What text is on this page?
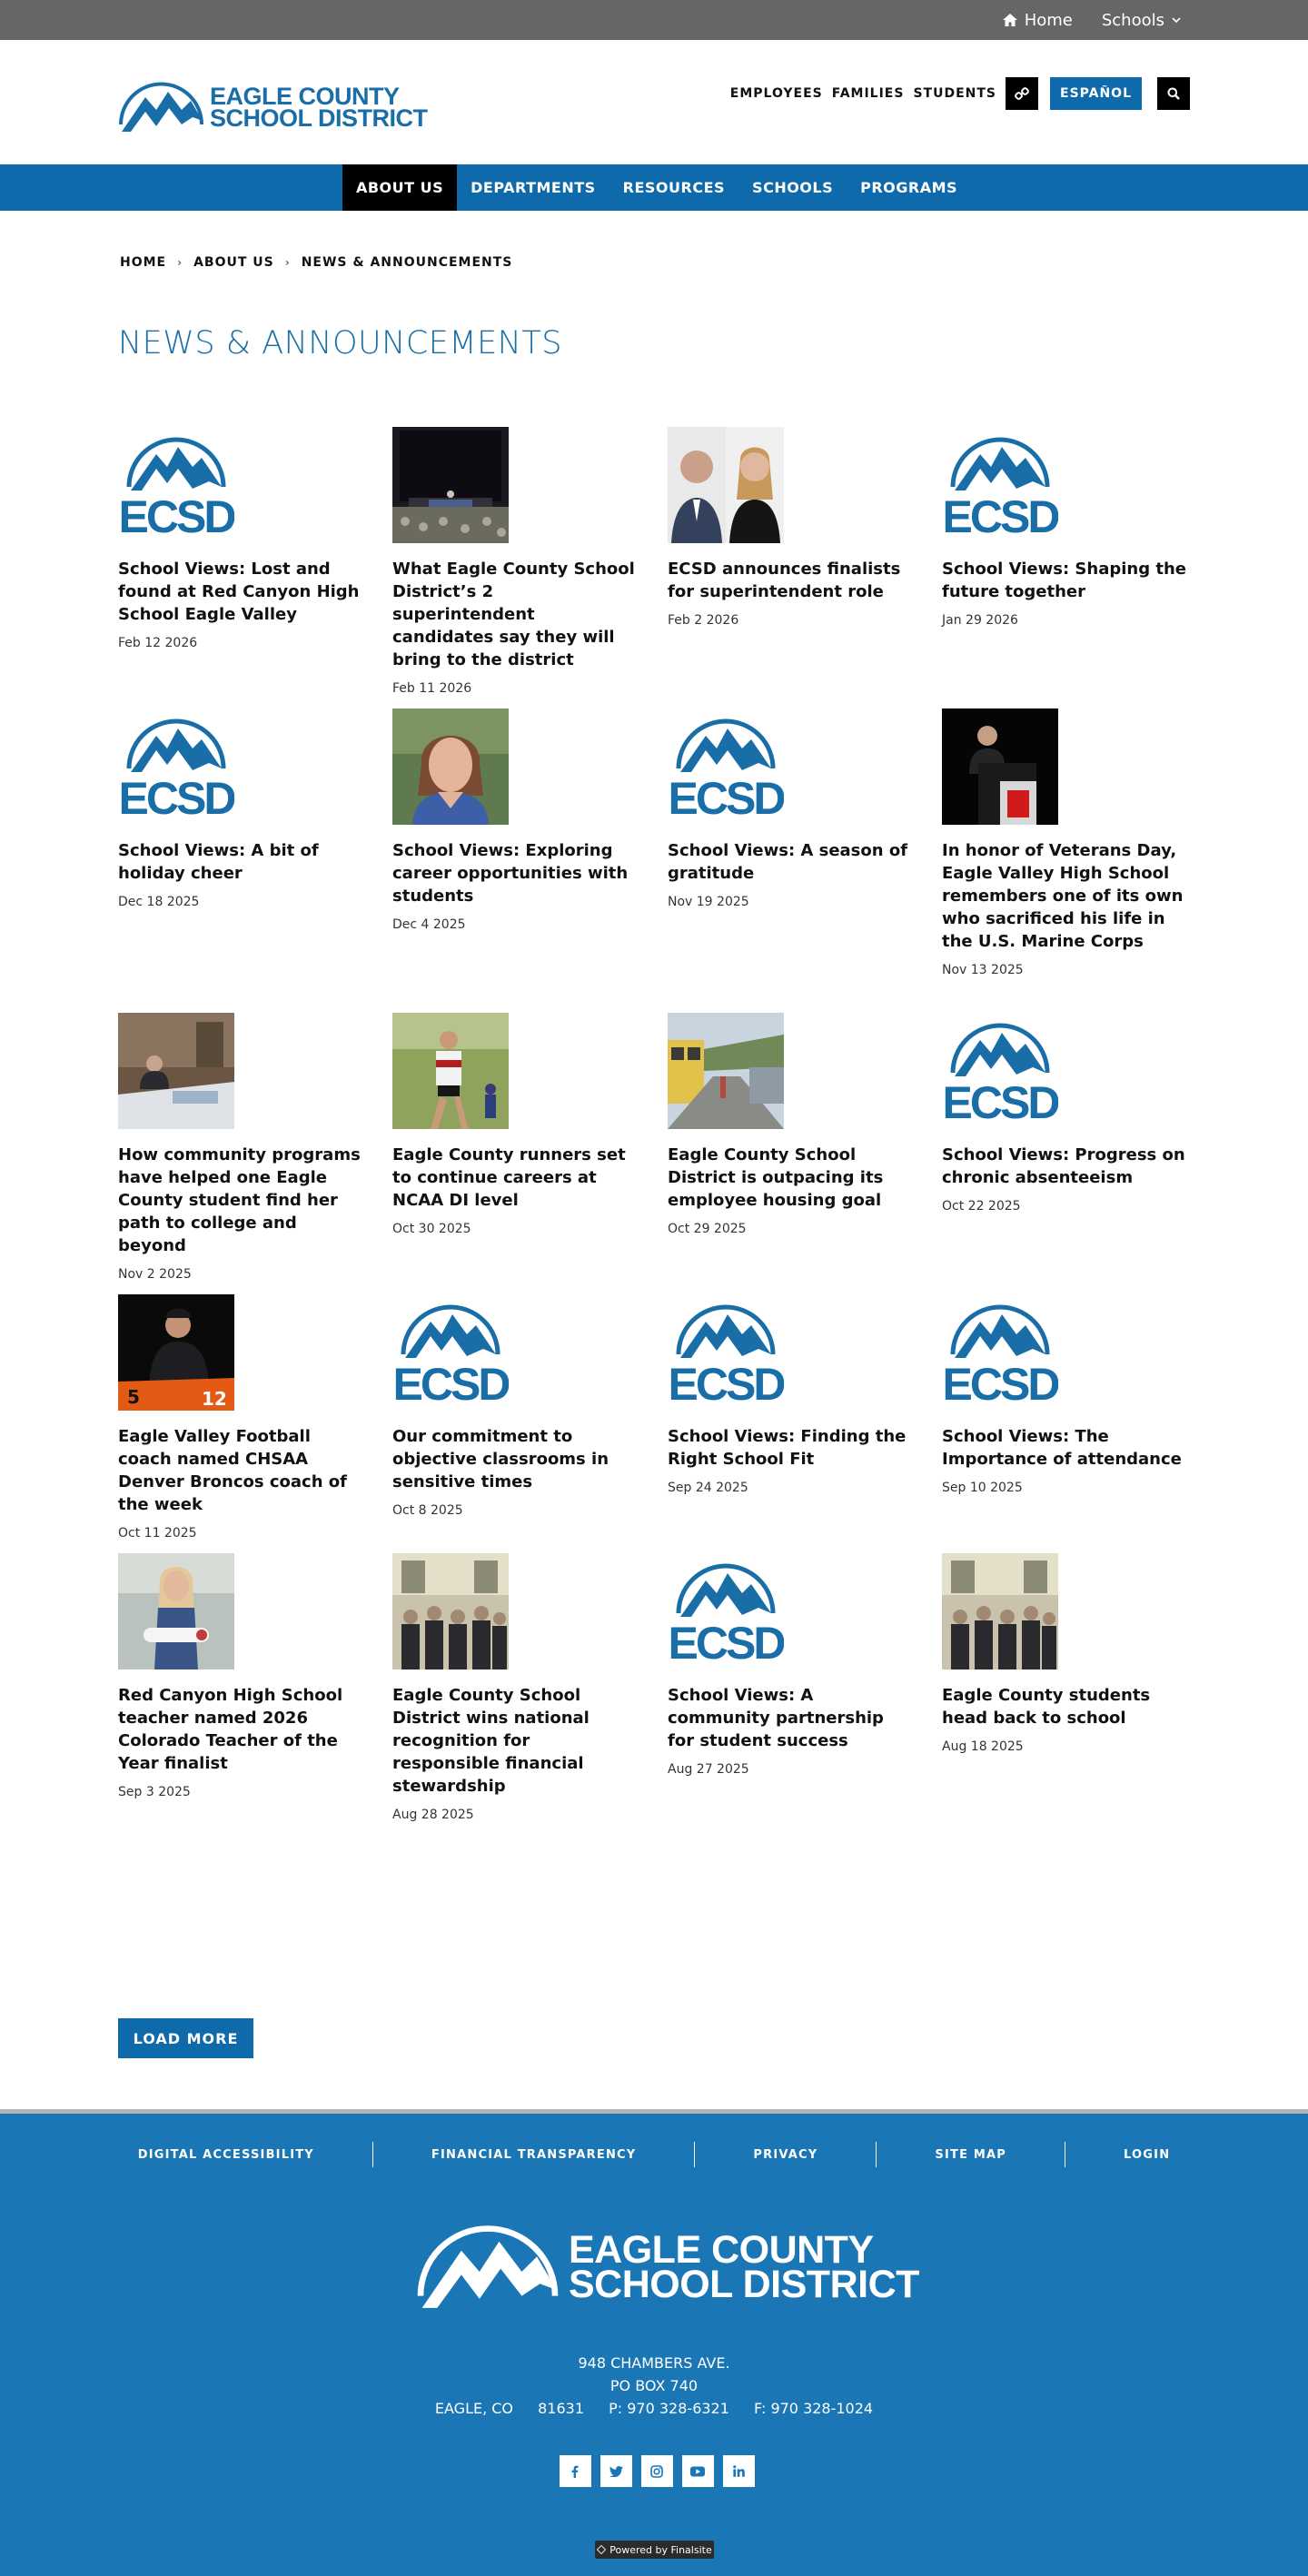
Home Schools
EAGLE COUNTY
SCHOOL DISTRICT
EMPLOYEES FAMILIES STUDENTS	ESPAÑOL
ABOUT US	DEPARTMENTS	RESOURCES	SCHOOLS	PROGRAMS
HOME › ABOUT US › NEWS & ANNOUNCEMENTS
NEWS & ANNOUNCEMENTS
ECSD
School Views: Lost and found at Red Canyon High School Eagle Valley
Feb 12 2026
What Eagle County School District’s 2 superintendent candidates say they will bring to the district
Feb 11 2026
ECSD announces finalists for superintendent role
Feb 2 2026
ECSD
School Views: Shaping the future together
Jan 29 2026
ECSD
School Views: A bit of holiday cheer
Dec 18 2025
School Views: Exploring career opportunities with students
Dec 4 2025
ECSD
School Views: A season of gratitude
Nov 19 2025
In honor of Veterans Day, Eagle Valley High School remembers one of its own who sacrificed his life in the U.S. Marine Corps
Nov 13 2025
How community programs have helped one Eagle County student find her path to college and beyond
Nov 2 2025
Eagle County runners set to continue careers at NCAA DI level
Oct 30 2025
Eagle County School District is outpacing its employee housing goal
Oct 29 2025
ECSD
School Views: Progress on chronic absenteeism
Oct 22 2025
5	12
Eagle Valley Football coach named CHSAA Denver Broncos coach of the week
Oct 11 2025
ECSD
Our commitment to objective classrooms in sensitive times
Oct 8 2025
ECSD
School Views: Finding the Right School Fit
Sep 24 2025
ECSD
School Views: The Importance of attendance
Sep 10 2025
Red Canyon High School teacher named 2026 Colorado Teacher of the Year finalist
Sep 3 2025
Eagle County School District wins national recognition for responsible financial stewardship
Aug 28 2025
ECSD
School Views: A community partnership for student success
Aug 27 2025
Eagle County students head back to school
Aug 18 2025
LOAD MORE
DIGITAL ACCESSIBILITY	FINANCIAL TRANSPARENCY	PRIVACY	SITE MAP	LOGIN
EAGLE COUNTY
SCHOOL DISTRICT
948 CHAMBERS AVE.
PO BOX 740
EAGLE, CO 81631 P: 970 328-6321 F: 970 328-1024
Powered by Finalsite
